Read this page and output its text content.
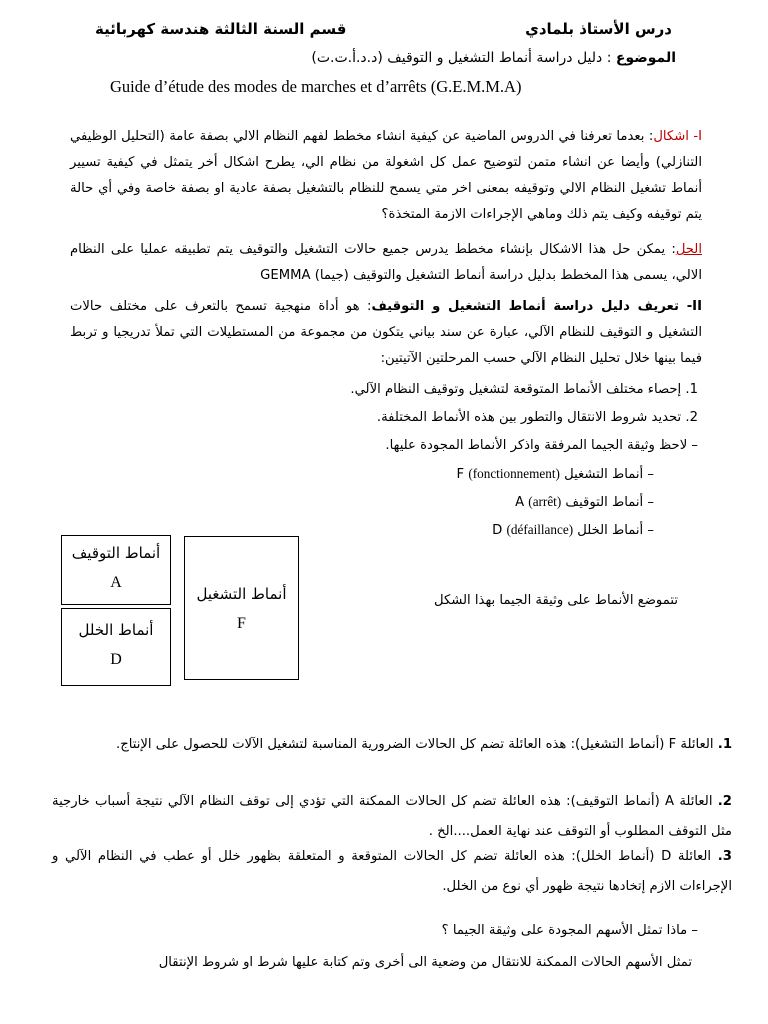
درس الأستاذ بلمادي
قسم السنة الثالثة هندسة كهربائية
الموضوع : دليل دراسة أنماط التشغيل و التوقيف (د.د.أ.ت.ت)
Guide d’étude des modes de marches et d’arrêts (G.E.M.M.A)
I- اشكال: بعدما تعرفنا في الدروس الماضية عن كيفية انشاء مخطط لفهم النظام الالي بصفة عامة (التحليل الوظيفي التنازلي) وأيضا عن انشاء متمن لتوضيح عمل كل اشغولة من نظام الي، يطرح اشكال أخر يتمثل في كيفية تسيير أنماط تشغيل النظام الالي وتوقيفه بمعنى اخر متي يسمح للنظام بالتشغيل بصفة عادية او بصفة خاصة وفي أي حالة يتم توقيفه وكيف يتم ذلك وماهي الإجراءات الازمة المتخذة؟
الحل: يمكن حل هذا الاشكال بإنشاء مخطط يدرس جميع حالات التشغيل والتوقيف يتم تطبيقه عمليا على النظام الالي، يسمى هذا المخطط بدليل دراسة أنماط التشغيل والتوقيف (جيما) GEMMA
II- تعريف دليل دراسة أنماط التشغيل و التوقيف: هو أداة منهجية تسمح بالتعرف على مختلف حالات التشغيل و التوقيف للنظام الآلي، عبارة عن سند بياني يتكون من مجموعة من المستطيلات التي تملأ تدريجيا و تربط فيما بينها خلال تحليل النظام الآلي حسب المرحلتين الآتيتين:
1. إحصاء مختلف الأنماط المتوقعة لتشغيل وتوقيف النظام الآلي.
2. تحديد شروط الانتقال والتطور بين هذه الأنماط المختلفة.
– لاحظ وثيقة الجيما المرفقة واذكر الأنماط المجودة عليها.
– أنماط التشغيل F (fonctionnement)
– أنماط التوقيف A (arrêt)
– أنماط الخلل D (défaillance)
أنماط التوقيف
A
أنماط الخلل
D
أنماط التشغيل
F
تتموضع الأنماط على وثيقة الجيما بهذا الشكل
1. العائلة F (أنماط التشغيل): هذه العائلة تضم كل الحالات الضرورية المناسبة لتشغيل الآلات للحصول على الإنتاج.
2. العائلة A (أنماط التوقيف): هذه العائلة تضم كل الحالات الممكنة التي تؤدي إلى توقف النظام الآلي نتيجة أسباب خارجية مثل التوقف المطلوب أو التوقف عند نهاية العمل....الخ .
3. العائلة D (أنماط الخلل): هذه العائلة تضم كل الحالات المتوقعة و المتعلقة بظهور خلل أو عطب في النظام الآلي و الإجراءات الازم إتخادها نتيجة ظهور أي نوع من الخلل.
– ماذا تمثل الأسهم المجودة على وثيقة الجيما ؟
تمثل الأسهم الحالات الممكنة للانتقال من وضعية الى أخرى وتم كتابة عليها شرط او شروط الإنتقال
